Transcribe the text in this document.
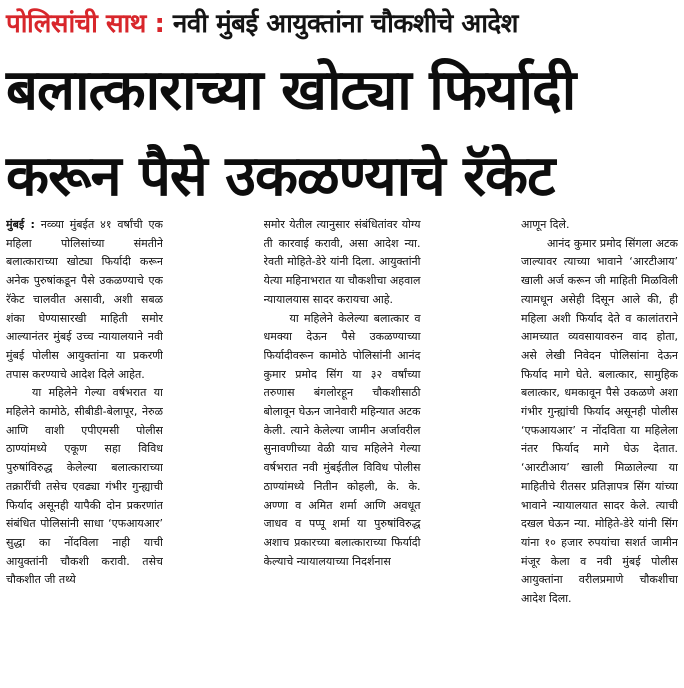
पोलिसांची साथ : नवी मुंबई आयुक्तांना चौकशीचे आदेश
बलात्काराच्या खोट्या फिर्यादी
करून पैसे उकळण्याचे रॅकेट

मुंबई : नव्व्या मुंबईत ४१ वर्षांची एक महिला पोलिसांच्या संमतीने बलात्काराच्या खोट्या फिर्यादी करून अनेक पुरुषांकडून पैसे उकळण्याचे एक रॅकेट चालवीत असावी, अशी सबळ शंका घेण्यासारखी माहिती समोर आल्यानंतर मुंबई उच्च न्यायालयाने नवी मुंबई पोलीस आयुक्तांना या प्रकरणी तपास करण्याचे आदेश दिले आहेत.

या महिलेने गेल्या वर्षभरात या महिलेने कामोठे, सीबीडी-बेलापूर, नेरुळ आणि वाशी एपीएमसी पोलीस ठाण्यांमध्ये एकूण सहा विविध पुरुषांविरुद्ध केलेल्या बलात्काराच्या तक्रारींची तसेच एवढ्या गंभीर गुन्ह्याची फिर्याद असूनही यापैकी दोन प्रकरणांत संबंधित पोलिसांनी साधा ‘एफआयआर’ सुद्धा का नोंदविला नाही याची आयुक्तांनी चौकशी करावी. तसेच चौकशीत जी तथ्ये

समोर येतील त्यानुसार संबंधितांवर योग्य ती कारवाई करावी, असा आदेश न्या. रेवती मोहिते-डेरे यांनी दिला. आयुक्तांनी येत्या महिनाभरात या चौकशीचा अहवाल न्यायालयास सादर करायचा आहे.

या महिलेने केलेल्या बलात्कार व धमक्या देऊन पैसे उकळण्याच्या फिर्यादीवरून कामोठे पोलिसांनी आनंद कुमार प्रमोद सिंग या ३२ वर्षांच्या तरुणास बंगलोरहून चौकशीसाठी बोलावून घेऊन जानेवारी महिन्यात अटक केली. त्याने केलेल्या जामीन अर्जावरील सुनावणीच्या वेळी याच महिलेने गेल्या वर्षभरात नवी मुंबईतील विविध पोलीस ठाण्यांमध्ये नितीन कोहली, के. के. अण्णा व अमित शर्मा आणि अवधूत जाधव व पप्पू शर्मा या पुरुषांविरुद्ध अशाच प्रकारच्या बलात्काराच्या फिर्यादी केल्याचे न्यायालयाच्या निदर्शनास

आणून दिले.

आनंद कुमार प्रमोद सिंगला अटक जाल्यावर त्याच्या भावाने ‘आरटीआय’ खाली अर्ज करून जी माहिती मिळविली त्यामधून असेही दिसून आले की, ही महिला अशी फिर्याद देते व कालांतराने आमच्यात व्यवसायावरुन वाद होता, असे लेखी निवेदन पोलिसांना देऊन फिर्याद मागे घेते. बलात्कार, सामुहिक बलात्कार, धमकावून पैसे उकळणे अशा गंभीर गुन्ह्यांची फिर्याद असूनही पोलीस ‘एफआयआर’ न नोंदविता या महिलेला नंतर फिर्याद मागे घेऊ देतात. ‘आरटीआय’ खाली मिळालेल्या या माहितीचे रीतसर प्रतिज्ञापत्र सिंग यांच्या भावाने न्यायालयात सादर केले. त्याची दखल घेऊन न्या. मोहिते-डेरे यांनी सिंग यांना १० हजार रुपयांचा सशर्त जामीन मंजूर केला व नवी मुंबई पोलीस आयुक्तांना वरीलप्रमाणे चौकशीचा आदेश दिला.
